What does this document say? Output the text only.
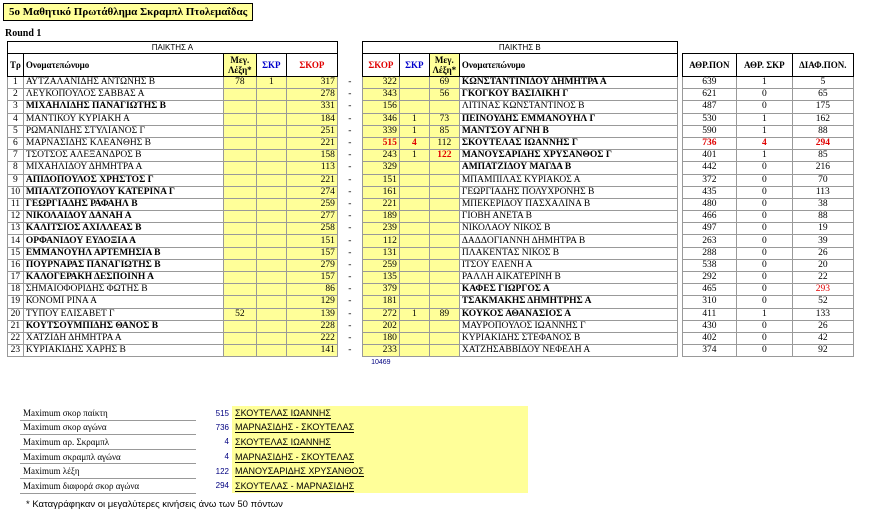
5ο Μαθητικό Πρωτάθλημα Σκραμπλ Πτολεμαΐδας
Round 1
ΠΑΙΚΤΗΣ Α						ΠΑΙΚΤΗΣ Β							
Τρ	Ονοματεπώνυμο	Μεγ. Λέξη*	ΣΚΡ	ΣΚΟΡ		ΣΚΟΡ	ΣΚΡ	Μεγ. Λέξη*	Ονοματεπώνυμο		ΑΘΡ.ΠΟΝ	ΑΘΡ. ΣΚΡ	ΔΙΑΦ.ΠΟΝ.
1	ΑΥΤΖΑΛΑΝΙΔΗΣ ΑΝΤΩΝΗΣ Β	78	1	317	-	322		69	ΚΩΝΣΤΑΝΤΙΝΙΔΟΥ ΔΗΜΗΤΡΑ Α		639	1	5
2	ΛΕΥΚΟΠΟΥΛΟΣ ΣΑΒΒΑΣ Α			278	-	343		56	ΓΚΟΓΚΟΥ ΒΑΣΙΛΙΚΗ Γ		621	0	65
3	ΜΙΧΑΗΛΙΔΗΣ ΠΑΝΑΓΙΩΤΗΣ Β			331	-	156			ΛΙΤΙΝΑΣ ΚΩΝΣΤΑΝΤΙΝΟΣ Β		487	0	175
4	ΜΑΝΤΙΚΟΥ ΚΥΡΙΑΚΗ Α			184	-	346	1	73	ΠΕΪΝΟΥΔΗΣ ΕΜΜΑΝΟΥΗΛ Γ		530	1	162
5	ΡΩΜΑΝΙΔΗΣ ΣΤΥΛΙΑΝΟΣ Γ			251	-	339	1	85	ΜΑΝΤΣΟΥ ΑΓΝΗ Β		590	1	88
6	ΜΑΡΝΑΣΙΔΗΣ ΚΛΕΑΝΘΗΣ Β			221	-	515	4	112	ΣΚΟΥΤΕΛΑΣ ΙΩΑΝΝΗΣ Γ		736	4	294
7	ΤΣΟΤΣΟΣ ΑΛΕΞΑΝΔΡΟΣ Β			158	-	243	1	122	ΜΑΝΟΥΣΑΡΙΔΗΣ ΧΡΥΣΑΝΘΟΣ Γ		401	1	85
8	ΜΙΧΑΗΛΙΔΟΥ ΔΗΜΗΤΡΑ Α			113	-	329			ΑΜΠΑΤΖΙΔΟΥ ΜΑΓΔΑ Β		442	0	216
9	ΑΠΙΔΟΠΟΥΛΟΣ ΧΡΗΣΤΟΣ Γ			221	-	151			ΜΠΑΜΠΙΛΑΣ ΚΥΡΙΑΚΟΣ Α		372	0	70
10	ΜΠΑΛΤΖΟΠΟΥΛΟΥ ΚΑΤΕΡΙΝΑ Γ			274	-	161			ΓΕΩΡΓΙΑΔΗΣ ΠΟΛΥΧΡΟΝΗΣ Β		435	0	113
11	ΓΕΩΡΓΙΑΔΗΣ ΡΑΦΑΗΛ Β			259	-	221			ΜΠΕΚΕΡΙΔΟΥ ΠΑΣΧΑΛΙΝΑ Β		480	0	38
12	ΝΙΚΟΛΑΙΔΟΥ ΔΑΝΑΗ Α			277	-	189			ΓΙΟΒΗ ΑΝΕΤΑ Β		466	0	88
13	ΚΑΛΙΤΣΙΟΣ ΑΧΙΛΛΕΑΣ Β			258	-	239			ΝΙΚΟΛΑΟΥ ΝΙΚΟΣ Β		497	0	19
14	ΟΡΦΑΝΙΔΟΥ ΕΥΔΟΞΙΑ Α			151	-	112			ΔΑΔΔΟΓΙΑΝΝΗ ΔΗΜΗΤΡΑ Β		263	0	39
15	ΕΜΜΑΝΟΥΗΛ ΑΡΤΕΜΗΣΙΑ Β			157	-	131			ΠΛΑΚΕΝΤΑΣ ΝΙΚΟΣ Β		288	0	26
16	ΠΟΥΡΝΑΡΑΣ ΠΑΝΑΓΙΩΤΗΣ Β			279	-	259			ΙΤΣΟΥ ΕΛΕΝΗ Α		538	0	20
17	ΚΑΛΟΓΕΡΑΚΗ ΔΕΣΠΟΙΝΗ Α			157	-	135			ΡΑΛΛΗ ΑΙΚΑΤΕΡΙΝΗ Β		292	0	22
18	ΣΗΜΑΙΟΦΟΡΙΔΗΣ ΦΩΤΗΣ Β			86	-	379			ΚΑΦΕΣ ΓΙΩΡΓΟΣ Α		465	0	293
19	ΚΟΝΟΜΙ ΡΙΝΑ Α			129	-	181			ΤΣΑΚΜΑΚΗΣ ΔΗΜΗΤΡΗΣ Α		310	0	52
20	ΤΥΠΟΥ ΕΛΙΣΑΒΕΤ Γ	52		139	-	272	1	89	ΚΟΥΚΟΣ ΑΘΑΝΑΣΙΟΣ Α		411	1	133
21	ΚΟΥΤΣΟΥΜΠΙΔΗΣ ΘΑΝΟΣ Β			228	-	202			ΜΑΥΡΟΠΟΥΛΟΣ ΙΩΑΝΝΗΣ Γ		430	0	26
22	ΧΑΤΖΙΔΗ ΔΗΜΗΤΡΑ Α			222	-	180			ΚΥΡΙΑΚΙΔΗΣ ΣΤΕΦΑΝΟΣ Β		402	0	42
23	ΚΥΡΙΑΚΙΔΗΣ ΧΑΡΗΣ Β			141	-	233			ΧΑΤΖΗΣΑΒΒΙΔΟΥ ΝΕΦΕΛΗ Α		374	0	92
						10469							
Maximum σκορ παίκτη	515	ΣΚΟΥΤΕΛΑΣ ΙΩΑΝΝΗΣ
Maximum σκορ αγώνα	736	ΜΑΡΝΑΣΙΔΗΣ - ΣΚΟΥΤΕΛΑΣ
Maximum αρ. Σκραμπλ	4	ΣΚΟΥΤΕΛΑΣ ΙΩΑΝΝΗΣ
Maximum σκραμπλ αγώνα	4	ΜΑΡΝΑΣΙΔΗΣ - ΣΚΟΥΤΕΛΑΣ
Maximum λέξη	122	ΜΑΝΟΥΣΑΡΙΔΗΣ ΧΡΥΣΑΝΘΟΣ
Maximum διαφορά σκορ αγώνα	294	ΣΚΟΥΤΕΛΑΣ - ΜΑΡΝΑΣΙΔΗΣ
* Καταγράφηκαν οι μεγαλύτερες κινήσεις άνω των 50 πόντων
